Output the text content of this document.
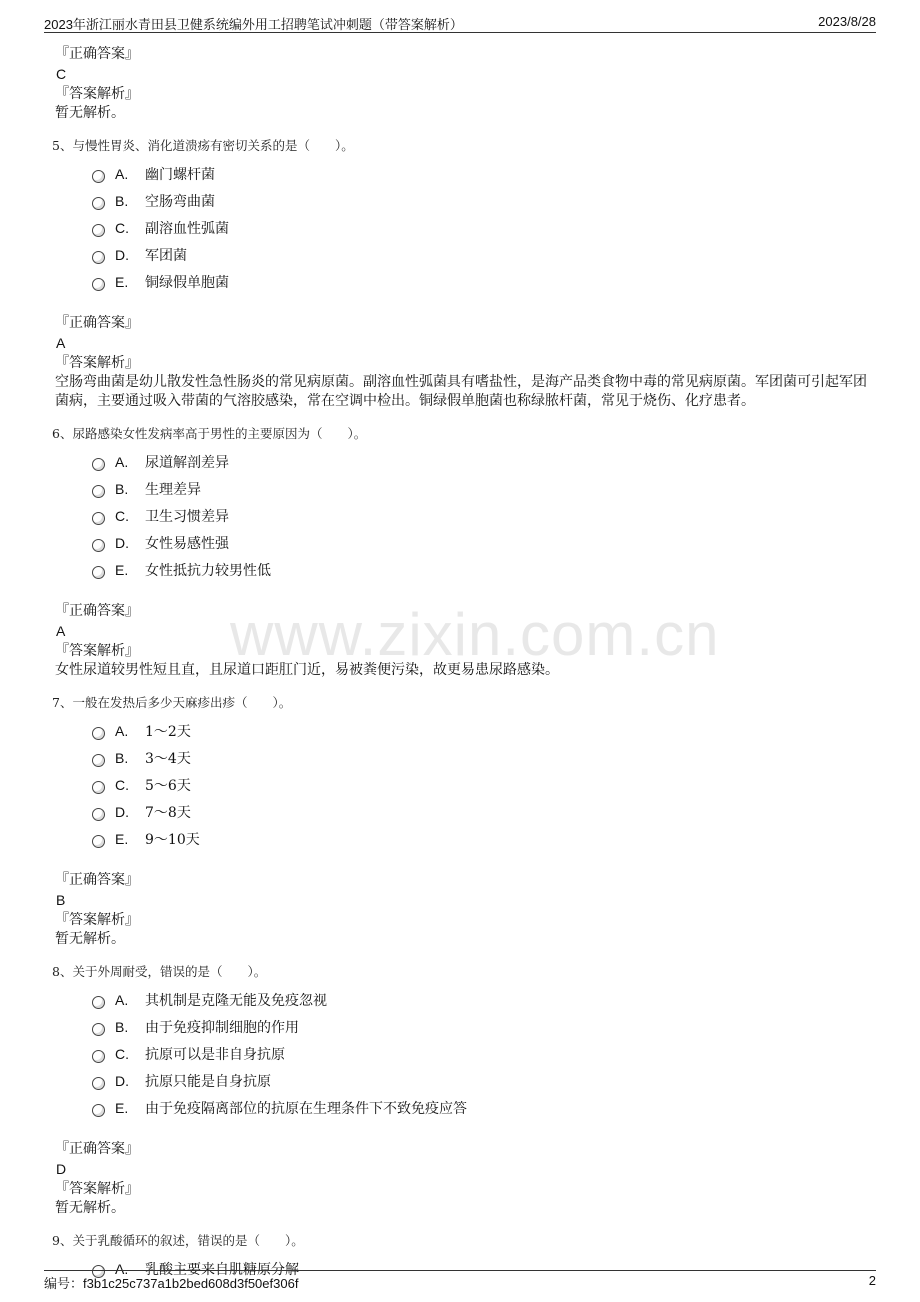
2023年浙江丽水青田县卫健系统编外用工招聘笔试冲刺题（带答案解析）	2023/8/28
www.zixin.com.cn
『正确答案』
C
『答案解析』
暂无解析。
5、与慢性胃炎、消化道溃疡有密切关系的是（　　）。
A.	幽门螺杆菌
B.	空肠弯曲菌
C.	副溶血性弧菌
D.	军团菌
E.	铜绿假单胞菌
『正确答案』
A
『答案解析』
空肠弯曲菌是幼儿散发性急性肠炎的常见病原菌。副溶血性弧菌具有嗜盐性，是海产品类食物中毒的常见病原菌。军团菌可引起军团菌病，主要通过吸入带菌的气溶胶感染，常在空调中检出。铜绿假单胞菌也称绿脓杆菌，常见于烧伤、化疗患者。
6、尿路感染女性发病率高于男性的主要原因为（　　）。
A.	尿道解剖差异
B.	生理差异
C.	卫生习惯差异
D.	女性易感性强
E.	女性抵抗力较男性低
『正确答案』
A
『答案解析』
女性尿道较男性短且直，且尿道口距肛门近，易被粪便污染，故更易患尿路感染。
7、一般在发热后多少天麻疹出疹（　　）。
A.	1～2天
B.	3～4天
C.	5～6天
D.	7～8天
E.	9～10天
『正确答案』
B
『答案解析』
暂无解析。
8、关于外周耐受，错误的是（　　）。
A.	其机制是克隆无能及免疫忽视
B.	由于免疫抑制细胞的作用
C.	抗原可以是非自身抗原
D.	抗原只能是自身抗原
E.	由于免疫隔离部位的抗原在生理条件下不致免疫应答
『正确答案』
D
『答案解析』
暂无解析。
9、关于乳酸循环的叙述，错误的是（　　）。
A.	乳酸主要来自肌糖原分解
编号：f3b1c25c737a1b2bed608d3f50ef306f	2
